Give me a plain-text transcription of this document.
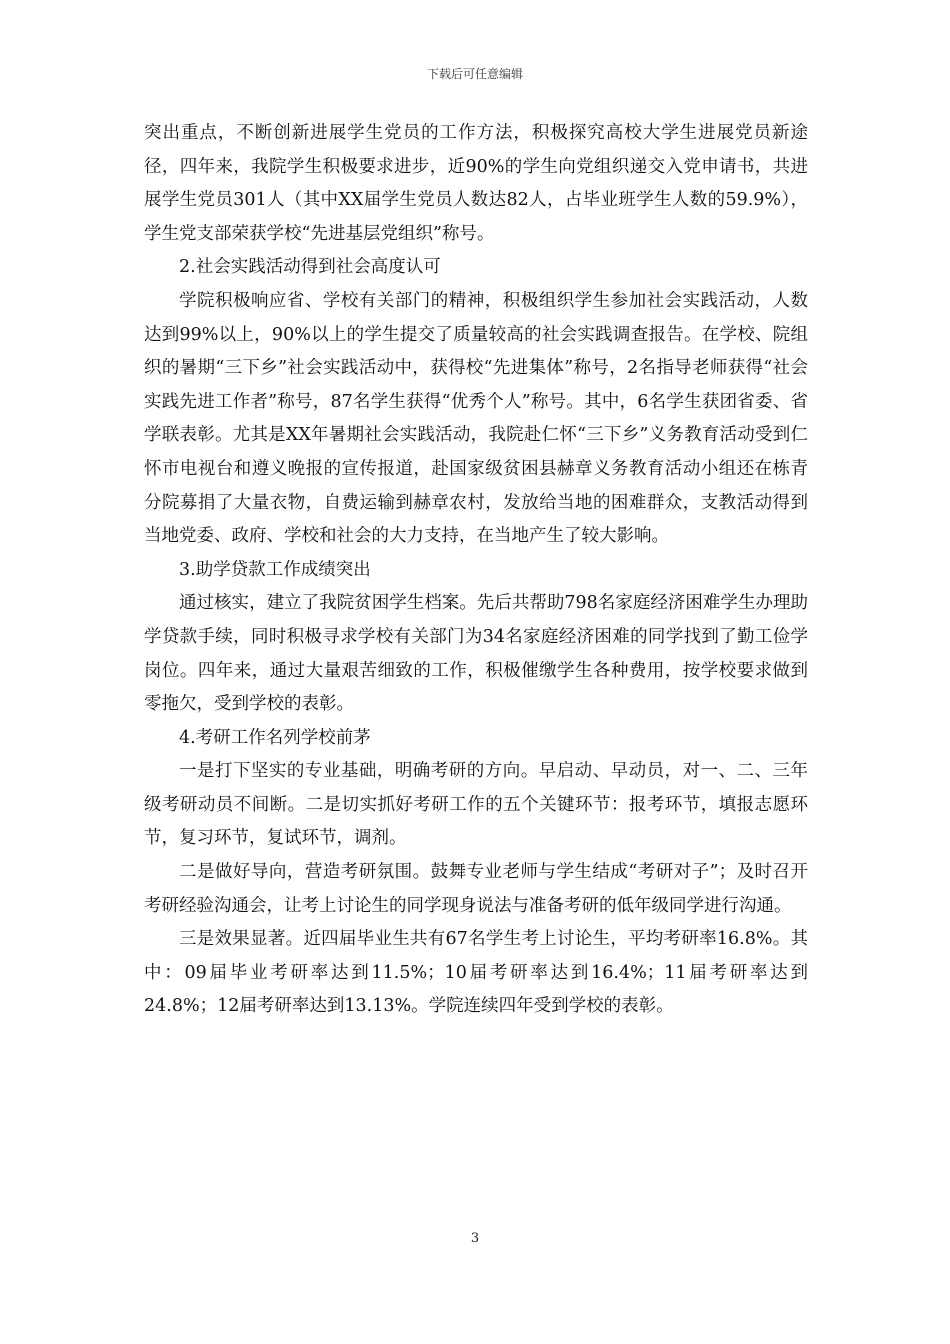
下载后可任意编辑

突出重点，不断创新进展学生党员的工作方法，积极探究高校大学生进展党员新途径，四年来，我院学生积极要求进步，近90%的学生向党组织递交入党申请书，共进展学生党员301人（其中XX届学生党员人数达82人，占毕业班学生人数的59.9%），学生党支部荣获学校“先进基层党组织”称号。

2.社会实践活动得到社会高度认可

学院积极响应省、学校有关部门的精神，积极组织学生参加社会实践活动，人数达到99%以上，90%以上的学生提交了质量较高的社会实践调查报告。在学校、院组织的暑期“三下乡”社会实践活动中，获得校“先进集体”称号，2名指导老师获得“社会实践先进工作者”称号，87名学生获得“优秀个人”称号。其中，6名学生获团省委、省学联表彰。尤其是XX年暑期社会实践活动，我院赴仁怀“三下乡”义务教育活动受到仁怀市电视台和遵义晚报的宣传报道，赴国家级贫困县赫章义务教育活动小组还在栋青分院募捐了大量衣物，自费运输到赫章农村，发放给当地的困难群众，支教活动得到当地党委、政府、学校和社会的大力支持，在当地产生了较大影响。

3.助学贷款工作成绩突出

通过核实，建立了我院贫困学生档案。先后共帮助798名家庭经济困难学生办理助学贷款手续，同时积极寻求学校有关部门为34名家庭经济困难的同学找到了勤工俭学岗位。四年来，通过大量艰苦细致的工作，积极催缴学生各种费用，按学校要求做到零拖欠，受到学校的表彰。

4.考研工作名列学校前茅

一是打下坚实的专业基础，明确考研的方向。早启动、早动员，对一、二、三年级考研动员不间断。二是切实抓好考研工作的五个关键环节：报考环节，填报志愿环节，复习环节，复试环节，调剂。

二是做好导向，营造考研氛围。鼓舞专业老师与学生结成“考研对子”；及时召开考研经验沟通会，让考上讨论生的同学现身说法与准备考研的低年级同学进行沟通。

三是效果显著。近四届毕业生共有67名学生考上讨论生，平均考研率16.8%。其中：09届毕业考研率达到11.5%；10届考研率达到16.4%；11届考研率达到24.8%；12届考研率达到13.13%。学院连续四年受到学校的表彰。

3
